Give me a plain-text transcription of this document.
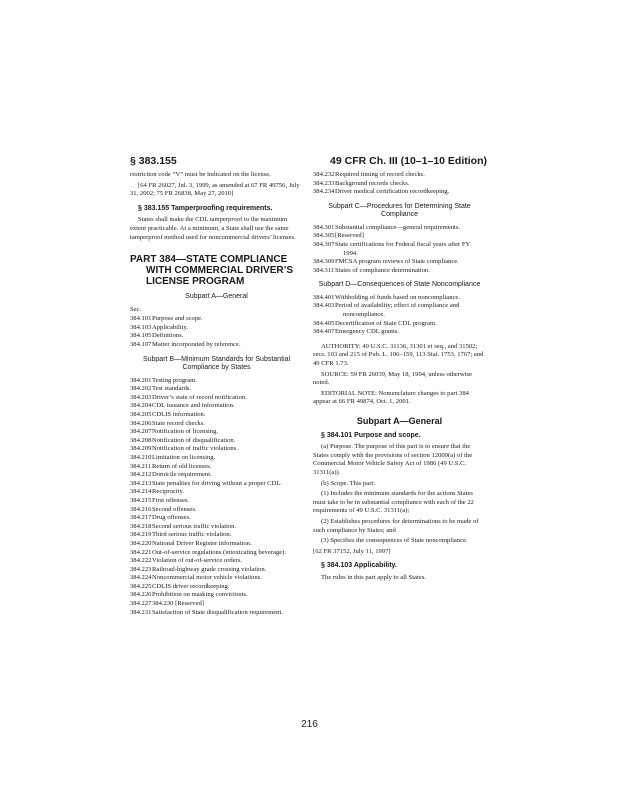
§ 383.155	49 CFR Ch. III (10–1–10 Edition)

restriction code “V” must be indicated on the license.

[64 FR 26027, Jul. 3, 1999, as amended at 67 FR 49756, July 31, 2002; 75 FR 26838, May 27, 2010]

§ 383.155 Tamperproofing requirements.

States shall make the CDL tamperproof to the maximum extent practicable. At a minimum, a State shall use the same tamperproof method used for noncommercial drivers’ licenses.

PART 384—STATE COMPLIANCE WITH COMMERCIAL DRIVER’S LICENSE PROGRAM

Subpart A—General

Sec.

384.101 Purpose and scope.
384.103 Applicability.
384.105 Definitions.
384.107 Matter incorporated by reference.

Subpart B—Minimum Standards for Substantial Compliance by States

384.201 Testing program.
384.202 Test standards.
384.203 Driver’s state of record notification.
384.204 CDL issuance and information.
384.205 CDLIS information.
384.206 State record checks.
384.207 Notification of licensing.
384.208 Notification of disqualification.
384.209 Notification of traffic violations.
384.210 Limitation on licensing.
384.211 Return of old licenses.
384.212 Domicile requirement.
384.213 State penalties for driving without a proper CDL.
384.214 Reciprocity.
384.215 First offenses.
384.216 Second offenses.
384.217 Drug offenses.
384.218 Second serious traffic violation.
384.219 Third serious traffic violation.
384.220 National Driver Register information.
384.221 Out-of-service regulations (intoxicating beverage).
384.222 Violation of out-of-service orders.
384.223 Railroad-highway grade crossing violation.
384.224 Noncommercial motor vehicle violations.
384.225 CDLIS driver recordkeeping.
384.226 Prohibition on masking convictions.
384.227 384.230 [Reserved]
384.231 Satisfaction of State disqualification requirement.
384.232 Required timing of record checks.
384.233 Background records checks.
384.234 Driver medical certification recordkeeping.

Subpart C—Procedures for Determining State Compliance

384.301 Substantial compliance—general requirements.
384.305 [Reserved]
384.307 State certifications for Federal fiscal years after FY 1994.
384.309 FMCSA program reviews of State compliance.
384.311 States of compliance determination.

Subpart D—Consequences of State Noncompliance

384.401 Withholding of funds based on noncompliance.
384.403 Period of availability; effect of compliance and noncompliance.
384.405 Decertification of State CDL program.
384.407 Emergency CDL grants.

AUTHORITY: 49 U.S.C. 31136, 31301 et seq., and 31502; secs. 103 and 215 of Pub. L. 106–159, 113 Stat. 1753, 1767; and 49 CFR 1.73.

SOURCE: 59 FR 26039, May 18, 1994, unless otherwise noted.

EDITORIAL NOTE: Nomenclature changes to part 384 appear at 66 FR 49874, Oct. 1, 2001.

Subpart A—General

§ 384.101 Purpose and scope.

(a) Purpose. The purpose of this part is to ensure that the States comply with the provisions of section 12009(a) of the Commercial Motor Vehicle Safety Act of 1986 (49 U.S.C. 31311(a)).

(b) Scope. This part:

(1) Includes the minimum standards for the actions States must take to be in substantial compliance with each of the 22 requirements of 49 U.S.C. 31311(a);

(2) Establishes procedures for determinations to be made of such compliance by States; and

(3) Specifies the consequences of State noncompliance.

[62 FR 37152, July 11, 1997]

§ 384.103 Applicability.

The rules in this part apply to all States.

216
